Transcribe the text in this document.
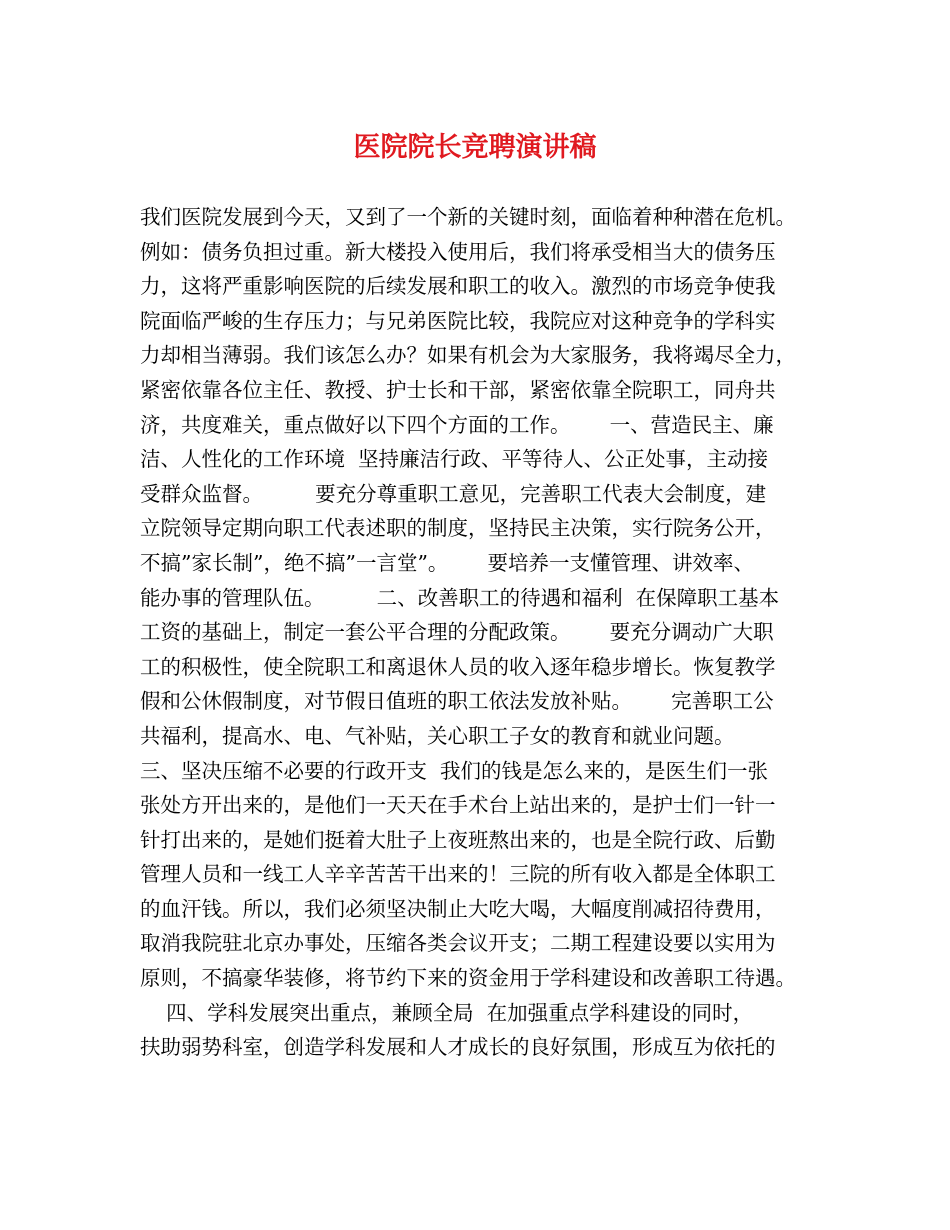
医院院长竞聘演讲稿
我们医院发展到今天，又到了一个新的关键时刻，面临着种种潜在危机。
例如：债务负担过重。新大楼投入使用后，我们将承受相当大的债务压
力，这将严重影响医院的后续发展和职工的收入。激烈的市场竞争使我
院面临严峻的生存压力；与兄弟医院比较，我院应对这种竞争的学科实
力却相当薄弱。我们该怎么办？如果有机会为大家服务，我将竭尽全力，
紧密依靠各位主任、教授、护士长和干部，紧密依靠全院职工，同舟共
济，共度难关，重点做好以下四个方面的工作。      一、营造民主、廉
洁、人性化的工作环境  坚持廉洁行政、平等待人、公正处事，主动接
受群众监督。        要充分尊重职工意见，完善职工代表大会制度，建
立院领导定期向职工代表述职的制度，坚持民主决策，实行院务公开，
不搞”家长制”，绝不搞”一言堂”。      要培养一支懂管理、讲效率、
能办事的管理队伍。        二、改善职工的待遇和福利  在保障职工基本
工资的基础上，制定一套公平合理的分配政策。      要充分调动广大职
工的积极性，使全院职工和离退休人员的收入逐年稳步增长。恢复教学
假和公休假制度，对节假日值班的职工依法发放补贴。      完善职工公
共福利，提高水、电、气补贴，关心职工子女的教育和就业问题。
三、坚决压缩不必要的行政开支  我们的钱是怎么来的，是医生们一张
张处方开出来的，是他们一天天在手术台上站出来的，是护士们一针一
针打出来的，是她们挺着大肚子上夜班熬出来的，也是全院行政、后勤
管理人员和一线工人辛辛苦苦干出来的！三院的所有收入都是全体职工
的血汗钱。所以，我们必须坚决制止大吃大喝，大幅度削减招待费用，
取消我院驻北京办事处，压缩各类会议开支；二期工程建设要以实用为
原则，不搞豪华装修，将节约下来的资金用于学科建设和改善职工待遇。
四、学科发展突出重点，兼顾全局  在加强重点学科建设的同时，
扶助弱势科室，创造学科发展和人才成长的良好氛围，形成互为依托的
